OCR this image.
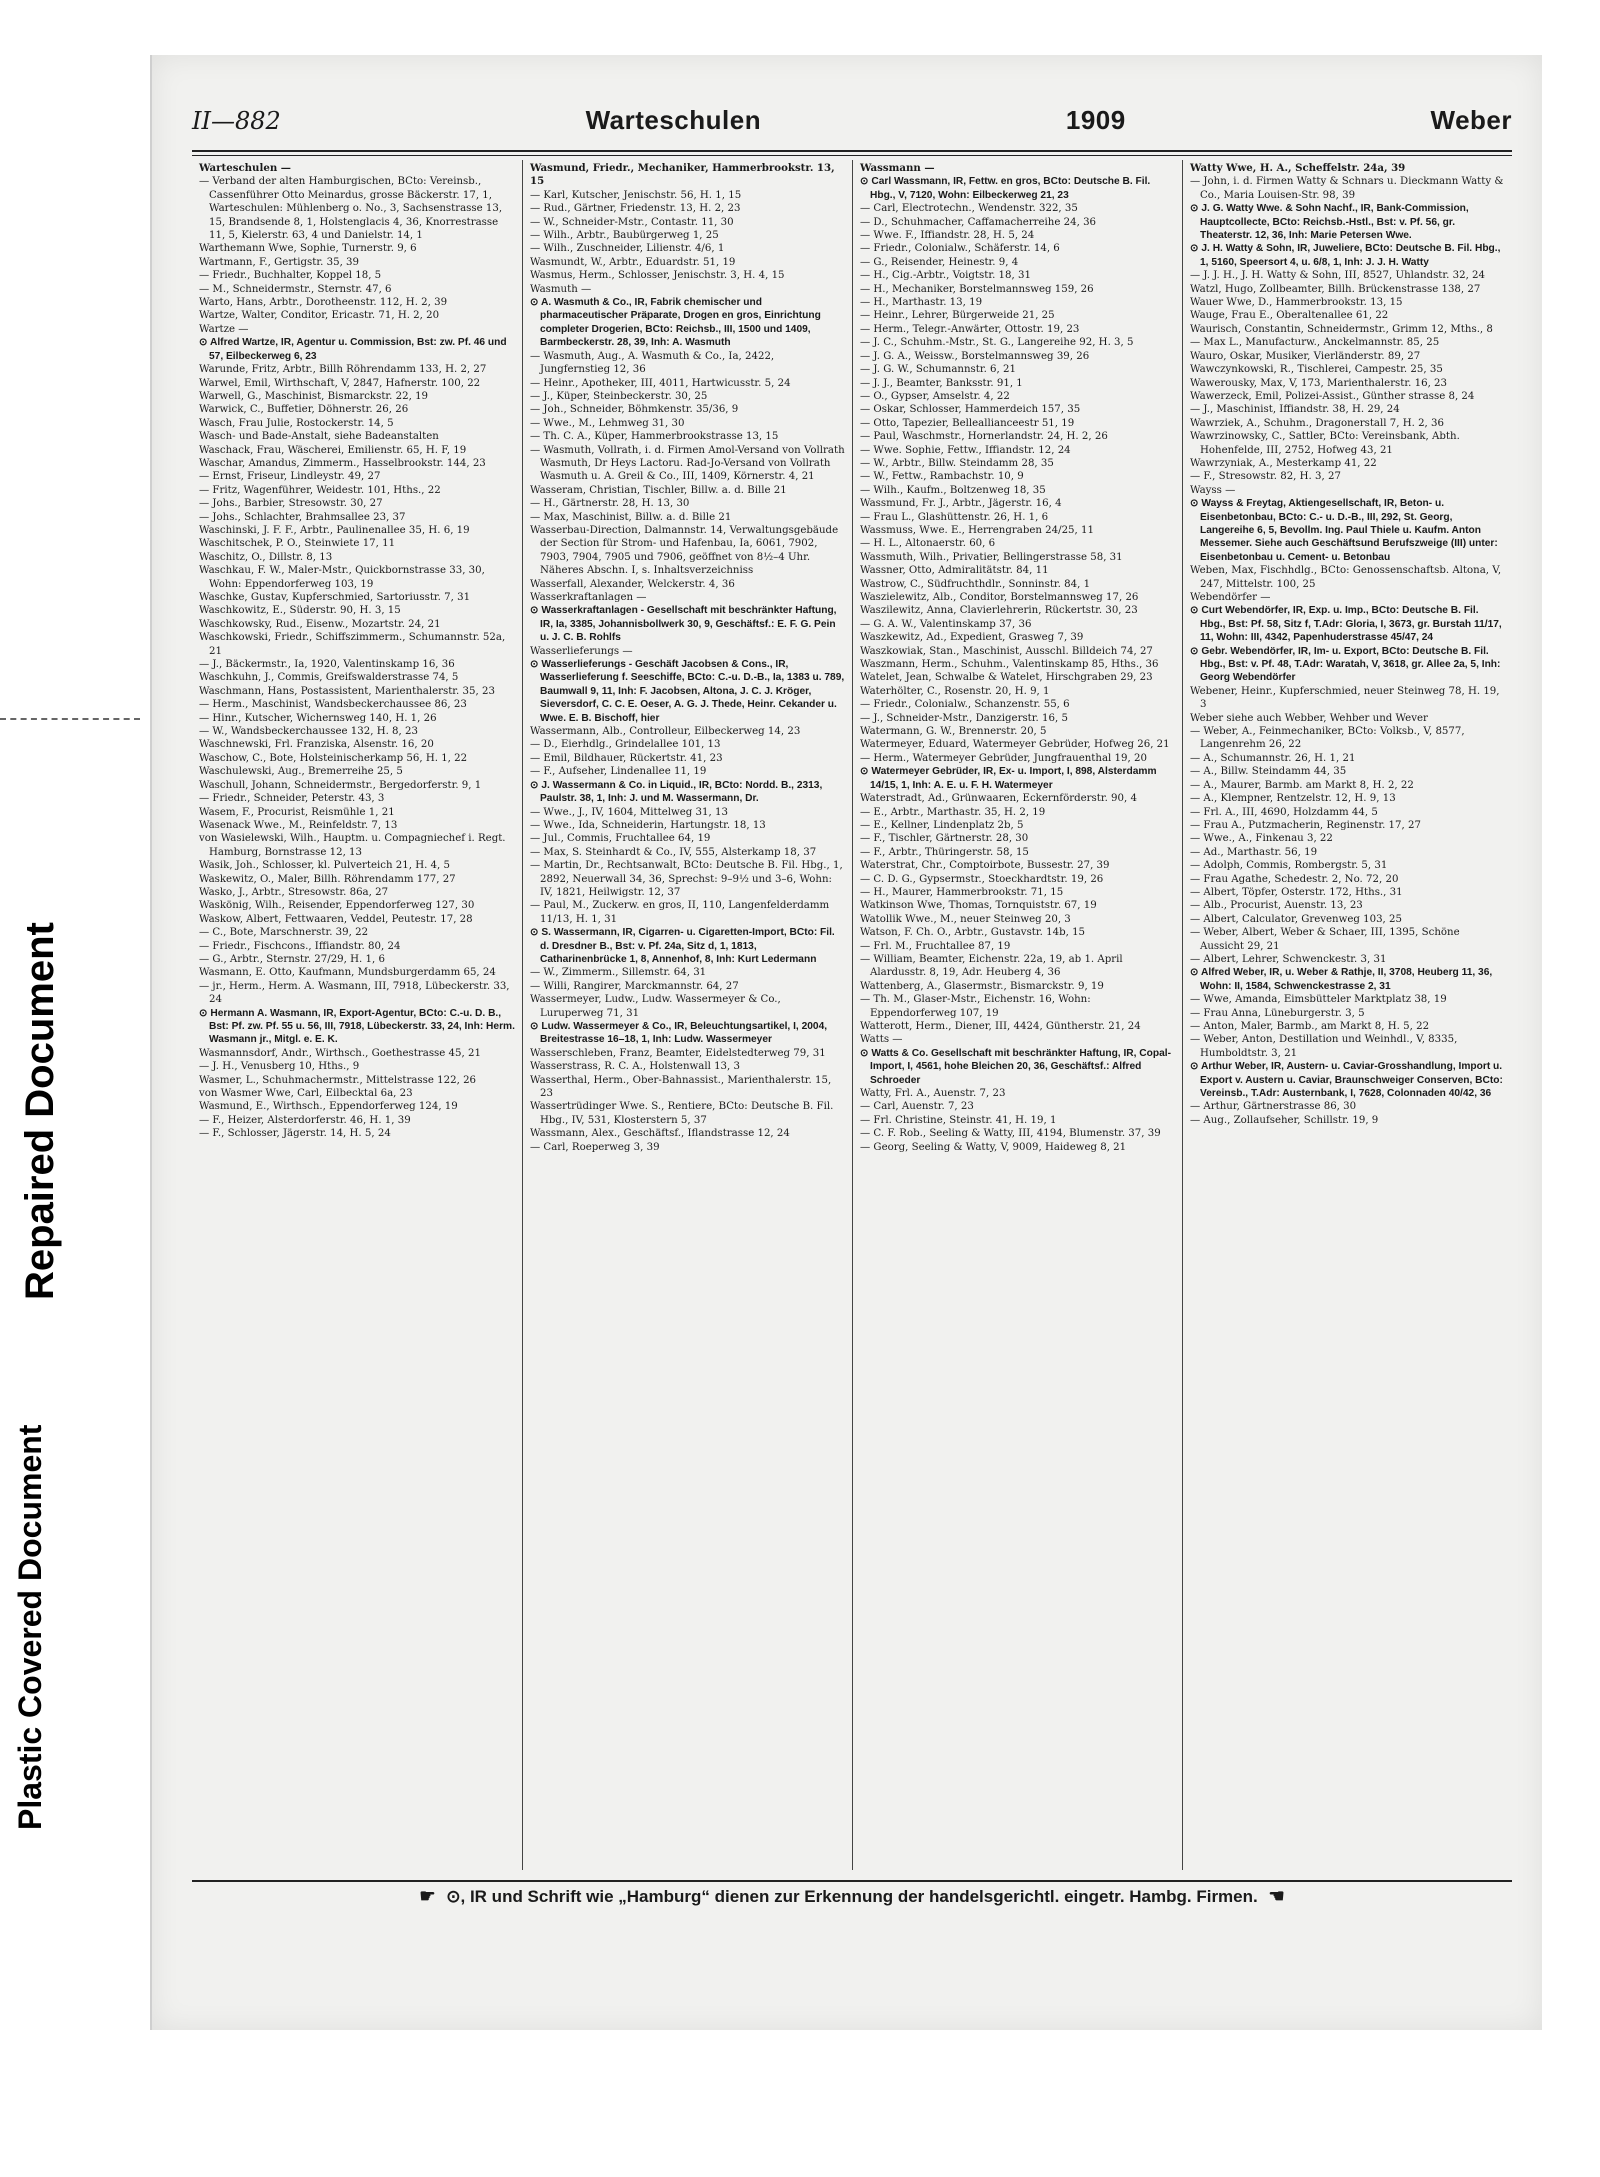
Repaired Document
Plastic Covered Document
II—882	Warteschulen	1909	Weber
Warteschulen —

— Verband der alten Hamburgischen, BCto: Vereinsb., Cassenführer Otto Meinardus, grosse Bäckerstr. 17, 1, Warteschulen: Mühlenberg o. No., 3, Sachsenstrasse 13, 15, Brandsende 8, 1, Holstenglacis 4, 36, Knorrestrasse 11, 5, Kielerstr. 63, 4 und Danielstr. 14, 1

Warthemann Wwe, Sophie, Turnerstr. 9, 6

Wartmann, F., Gertigstr. 35, 39

— Friedr., Buchhalter, Koppel 18, 5

— M., Schneidermstr., Sternstr. 47, 6

Warto, Hans, Arbtr., Dorotheenstr. 112, H. 2, 39

Wartze, Walter, Conditor, Ericastr. 71, H. 2, 20

Wartze —

⊙ Alfred Wartze, IR, Agentur u. Commission, Bst: zw. Pf. 46 und 57, Eilbeckerweg 6, 23

Warunde, Fritz, Arbtr., Billh Röhrendamm 133, H. 2, 27

Warwel, Emil, Wirthschaft, V, 2847, Hafnerstr. 100, 22

Warwell, G., Maschinist, Bismarckstr. 22, 19

Warwick, C., Buffetier, Döhnerstr. 26, 26

Wasch, Frau Julie, Rostockerstr. 14, 5

Wasch- und Bade-Anstalt, siehe Badeanstalten

Waschack, Frau, Wäscherei, Emilienstr. 65, H. F, 19

Waschar, Amandus, Zimmerm., Hasselbrookstr. 144, 23

— Ernst, Friseur, Lindleystr. 49, 27

— Fritz, Wagenführer, Weidestr. 101, Hths., 22

— Johs., Barbier, Stresowstr. 30, 27

— Johs., Schlachter, Brahmsallee 23, 37

Waschinski, J. F. F., Arbtr., Paulinenallee 35, H. 6, 19

Waschitschek, P. O., Steinwiete 17, 11

Waschitz, O., Dillstr. 8, 13

Waschkau, F. W., Maler-Mstr., Quickbornstrasse 33, 30, Wohn: Eppendorferweg 103, 19

Waschke, Gustav, Kupferschmied, Sartoriusstr. 7, 31

Waschkowitz, E., Süderstr. 90, H. 3, 15

Waschkowsky, Rud., Eisenw., Mozartstr. 24, 21

Waschkowski, Friedr., Schiffszimmerm., Schumannstr. 52a, 21

— J., Bäckermstr., Ia, 1920, Valentinskamp 16, 36

Waschkuhn, J., Commis, Greifswalderstrasse 74, 5

Waschmann, Hans, Postassistent, Marienthalerstr. 35, 23

— Herm., Maschinist, Wandsbeckerchaussee 86, 23

— Hinr., Kutscher, Wichernsweg 140, H. 1, 26

— W., Wandsbeckerchaussee 132, H. 8, 23

Waschnewski, Frl. Franziska, Alsenstr. 16, 20

Waschow, C., Bote, Holsteinischerkamp 56, H. 1, 22

Waschulewski, Aug., Bremerreihe 25, 5

Waschull, Johann, Schneidermstr., Bergedorferstr. 9, 1

— Friedr., Schneider, Peterstr. 43, 3

Wasem, F., Procurist, Reismühle 1, 21

Wasenack Wwe., M., Reinfeldstr. 7, 13

von Wasielewski, Wilh., Hauptm. u. Compagniechef i. Regt. Hamburg, Bornstrasse 12, 13

Wasik, Joh., Schlosser, kl. Pulverteich 21, H. 4, 5

Waskewitz, O., Maler, Billh. Röhrendamm 177, 27

Wasko, J., Arbtr., Stresowstr. 86a, 27

Waskönig, Wilh., Reisender, Eppendorferweg 127, 30

Waskow, Albert, Fettwaaren, Veddel, Peutestr. 17, 28

— C., Bote, Marschnerstr. 39, 22

— Friedr., Fischcons., Iffiandstr. 80, 24

— G., Arbtr., Sternstr. 27/29, H. 1, 6

Wasmann, E. Otto, Kaufmann, Mundsburgerdamm 65, 24

— jr., Herm., Herm. A. Wasmann, III, 7918, Lübeckerstr. 33, 24

⊙ Hermann A. Wasmann, IR, Export-Agentur, BCto: C.-u. D. B., Bst: Pf. zw. Pf. 55 u. 56, III, 7918, Lübeckerstr. 33, 24, Inh: Herm. Wasmann jr., Mitgl. e. E. K.

Wasmannsdorf, Andr., Wirthsch., Goethestrasse 45, 21

— J. H., Venusberg 10, Hths., 9

Wasmer, L., Schuhmachermstr., Mittelstrasse 122, 26

von Wasmer Wwe, Carl, Eilbecktal 6a, 23

Wasmund, E., Wirthsch., Eppendorferweg 124, 19

— F., Heizer, Alsterdorferstr. 46, H. 1, 39

— F., Schlosser, Jägerstr. 14, H. 5, 24

Wasmund, Friedr., Mechaniker, Hammerbrookstr. 13, 15

— Karl, Kutscher, Jenischstr. 56, H. 1, 15

— Rud., Gärtner, Friedenstr. 13, H. 2, 23

— W., Schneider-Mstr., Contastr. 11, 30

— Wilh., Arbtr., Baubürgerweg 1, 25

— Wilh., Zuschneider, Lilienstr. 4/6, 1

Wasmundt, W., Arbtr., Eduardstr. 51, 19

Wasmus, Herm., Schlosser, Jenischstr. 3, H. 4, 15

Wasmuth —

⊙ A. Wasmuth & Co., IR, Fabrik chemischer und pharmaceutischer Präparate, Drogen en gros, Einrichtung completer Drogerien, BCto: Reichsb., III, 1500 und 1409, Barmbeckerstr. 28, 39, Inh: A. Wasmuth

— Wasmuth, Aug., A. Wasmuth & Co., Ia, 2422, Jungfernstieg 12, 36

— Heinr., Apotheker, III, 4011, Hartwicusstr. 5, 24

— J., Küper, Steinbeckerstr. 30, 25

— Joh., Schneider, Böhmkenstr. 35/36, 9

— Wwe., M., Lehmweg 31, 30

— Th. C. A., Küper, Hammerbrookstrasse 13, 15

— Wasmuth, Vollrath, i. d. Firmen Amol-Versand von Vollrath Wasmuth, Dr Heys Lactoru. Rad-Jo-Versand von Vollrath Wasmuth u. A. Greil & Co., III, 1409, Körnerstr. 4, 21

Wasseram, Christian, Tischler, Billw. a. d. Bille 21

— H., Gärtnerstr. 28, H. 13, 30

— Max, Maschinist, Billw. a. d. Bille 21

Wasserbau-Direction, Dalmannstr. 14, Verwaltungsgebäude der Section für Strom- und Hafenbau, Ia, 6061, 7902, 7903, 7904, 7905 und 7906, geöffnet von 8½–4 Uhr. Näheres Abschn. I, s. Inhaltsverzeichniss

Wasserfall, Alexander, Welckerstr. 4, 36

Wasserkraftanlagen —

⊙ Wasserkraftanlagen - Gesellschaft mit beschränkter Haftung, IR, Ia, 3385, Johannisbollwerk 30, 9, Geschäftsf.: E. F. G. Pein u. J. C. B. Rohlfs

Wasserlieferungs —

⊙ Wasserlieferungs - Geschäft Jacobsen & Cons., IR, Wasserlieferung f. Seeschiffe, BCto: C.-u. D.-B., Ia, 1383 u. 789, Baumwall 9, 11, Inh: F. Jacobsen, Altona, J. C. J. Kröger, Sieversdorf, C. C. E. Oeser, A. G. J. Thede, Heinr. Cekander u. Wwe. E. B. Bischoff, hier

Wassermann, Alb., Controlleur, Eilbeckerweg 14, 23

— D., Eierhdlg., Grindelallee 101, 13

— Emil, Bildhauer, Rückertstr. 41, 23

— F., Aufseher, Lindenallee 11, 19

⊙ J. Wassermann & Co. in Liquid., IR, BCto: Nordd. B., 2313, Paulstr. 38, 1, Inh: J. und M. Wassermann, Dr.

— Wwe., J., IV, 1604, Mittelweg 31, 13

— Wwe., Ida, Schneiderin, Hartungstr. 18, 13

— Jul., Commis, Fruchtallee 64, 19

— Max, S. Steinhardt & Co., IV, 555, Alsterkamp 18, 37

— Martin, Dr., Rechtsanwalt, BCto: Deutsche B. Fil. Hbg., 1, 2892, Neuerwall 34, 36, Sprechst: 9–9½ und 3–6, Wohn: IV, 1821, Heilwigstr. 12, 37

— Paul, M., Zuckerw. en gros, II, 110, Langenfelderdamm 11/13, H. 1, 31

⊙ S. Wassermann, IR, Cigarren- u. Cigaretten-Import, BCto: Fil. d. Dresdner B., Bst: v. Pf. 24a, Sitz d, 1, 1813, Catharinenbrücke 1, 8, Annenhof, 8, Inh: Kurt Ledermann

— W., Zimmerm., Sillemstr. 64, 31

— Willi, Rangirer, Marckmannstr. 64, 27

Wassermeyer, Ludw., Ludw. Wassermeyer & Co., Luruperweg 71, 31

⊙ Ludw. Wassermeyer & Co., IR, Beleuchtungsartikel, I, 2004, Breitestrasse 16–18, 1, Inh: Ludw. Wassermeyer

Wasserschleben, Franz, Beamter, Eidelstedterweg 79, 31

Wasserstrass, R. C. A., Holstenwall 13, 3

Wasserthal, Herm., Ober-Bahnassist., Marienthalerstr. 15, 23

Wassertrüdinger Wwe. S., Rentiere, BCto: Deutsche B. Fil. Hbg., IV, 531, Klosterstern 5, 37

Wassmann, Alex., Geschäftsf., Iflandstrasse 12, 24

— Carl, Roeperweg 3, 39

Wassmann —

⊙ Carl Wassmann, IR, Fettw. en gros, BCto: Deutsche B. Fil. Hbg., V, 7120, Wohn: Eilbeckerweg 21, 23

— Carl, Electrotechn., Wendenstr. 322, 35

— D., Schuhmacher, Caffamacherreihe 24, 36

— Wwe. F., Iffiandstr. 28, H. 5, 24

— Friedr., Colonialw., Schäferstr. 14, 6

— G., Reisender, Heinestr. 9, 4

— H., Cig.-Arbtr., Voigtstr. 18, 31

— H., Mechaniker, Borstelmannsweg 159, 26

— H., Marthastr. 13, 19

— Heinr., Lehrer, Bürgerweide 21, 25

— Herm., Telegr.-Anwärter, Ottostr. 19, 23

— J. C., Schuhm.-Mstr., St. G., Langereihe 92, H. 3, 5

— J. G. A., Weissw., Borstelmannsweg 39, 26

— J. G. W., Schumannstr. 6, 21

— J. J., Beamter, Banksstr. 91, 1

— O., Gypser, Amselstr. 4, 22

— Oskar, Schlosser, Hammerdeich 157, 35

— Otto, Tapezier, Belleallianceestr 51, 19

— Paul, Waschmstr., Hornerlandstr. 24, H. 2, 26

— Wwe. Sophie, Fettw., Iffiandstr. 12, 24

— W., Arbtr., Billw. Steindamm 28, 35

— W., Fettw., Rambachstr. 10, 9

— Wilh., Kaufm., Boltzenweg 18, 35

Wassmund, Fr. J., Arbtr., Jägerstr. 16, 4

— Frau L., Glashüttenstr. 26, H. 1, 6

Wassmuss, Wwe. E., Herrengraben 24/25, 11

— H. L., Altonaerstr. 60, 6

Wassmuth, Wilh., Privatier, Bellingerstrasse 58, 31

Wassner, Otto, Admiralitätstr. 84, 11

Wastrow, C., Südfruchthdlr., Sonninstr. 84, 1

Waszielewitz, Alb., Conditor, Borstelmannsweg 17, 26

Waszilewitz, Anna, Clavierlehrerin, Rückertstr. 30, 23

— G. A. W., Valentinskamp 37, 36

Waszkewitz, Ad., Expedient, Grasweg 7, 39

Waszkowiak, Stan., Maschinist, Ausschl. Billdeich 74, 27

Waszmann, Herm., Schuhm., Valentinskamp 85, Hths., 36

Watelet, Jean, Schwalbe & Watelet, Hirschgraben 29, 23

Waterhölter, C., Rosenstr. 20, H. 9, 1

— Friedr., Colonialw., Schanzenstr. 55, 6

— J., Schneider-Mstr., Danzigerstr. 16, 5

Watermann, G. W., Brennerstr. 20, 5

Watermeyer, Eduard, Watermeyer Gebrüder, Hofweg 26, 21

— Herm., Watermeyer Gebrüder, Jungfrauenthal 19, 20

⊙ Watermeyer Gebrüder, IR, Ex- u. Import, I, 898, Alsterdamm 14/15, 1, Inh: A. E. u. F. H. Watermeyer

Waterstradt, Ad., Grünwaaren, Eckernförderstr. 90, 4

— E., Arbtr., Marthastr. 35, H. 2, 19

— E., Kellner, Lindenplatz 2b, 5

— F., Tischler, Gärtnerstr. 28, 30

— F., Arbtr., Thüringerstr. 58, 15

Waterstrat, Chr., Comptoirbote, Bussestr. 27, 39

— C. D. G., Gypsermstr., Stoeckhardtstr. 19, 26

— H., Maurer, Hammerbrookstr. 71, 15

Watkinson Wwe, Thomas, Tornquiststr. 67, 19

Watollik Wwe., M., neuer Steinweg 20, 3

Watson, F. Ch. O., Arbtr., Gustavstr. 14b, 15

— Frl. M., Fruchtallee 87, 19

— William, Beamter, Eichenstr. 22a, 19, ab 1. April Alardusstr. 8, 19, Adr. Heuberg 4, 36

Wattenberg, A., Glasermstr., Bismarckstr. 9, 19

— Th. M., Glaser-Mstr., Eichenstr. 16, Wohn: Eppendorferweg 107, 19

Watterott, Herm., Diener, III, 4424, Güntherstr. 21, 24

Watts —

⊙ Watts & Co. Gesellschaft mit beschränkter Haftung, IR, Copal-Import, I, 4561, hohe Bleichen 20, 36, Geschäftsf.: Alfred Schroeder

Watty, Frl. A., Auenstr. 7, 23

— Carl, Auenstr. 7, 23

— Frl. Christine, Steinstr. 41, H. 19, 1

— C. F. Rob., Seeling & Watty, III, 4194, Blumenstr. 37, 39

— Georg, Seeling & Watty, V, 9009, Haideweg 8, 21

Watty Wwe, H. A., Scheffelstr. 24a, 39

— John, i. d. Firmen Watty & Schnars u. Dieckmann Watty & Co., Maria Louisen-Str. 98, 39

⊙ J. G. Watty Wwe. & Sohn Nachf., IR, Bank-Commission, Hauptcollecte, BCto: Reichsb.-Hstl., Bst: v. Pf. 56, gr. Theaterstr. 12, 36, Inh: Marie Petersen Wwe.

⊙ J. H. Watty & Sohn, IR, Juweliere, BCto: Deutsche B. Fil. Hbg., 1, 5160, Speersort 4, u. 6/8, 1, Inh: J. J. H. Watty

— J. J. H., J. H. Watty & Sohn, III, 8527, Uhlandstr. 32, 24

Watzl, Hugo, Zollbeamter, Billh. Brückenstrasse 138, 27

Wauer Wwe, D., Hammerbrookstr. 13, 15

Wauge, Frau E., Oberaltenallee 61, 22

Waurisch, Constantin, Schneidermstr., Grimm 12, Mths., 8

— Max L., Manufacturw., Anckelmannstr. 85, 25

Wauro, Oskar, Musiker, Vierländerstr. 89, 27

Wawczynkowski, R., Tischlerei, Campestr. 25, 35

Wawerousky, Max, V, 173, Marienthalerstr. 16, 23

Wawerzeck, Emil, Polizei-Assist., Günther strasse 8, 24

— J., Maschinist, Iffiandstr. 38, H. 29, 24

Wawrziek, A., Schuhm., Dragonerstall 7, H. 2, 36

Wawrzinowsky, C., Sattler, BCto: Vereinsbank, Abth. Hohenfelde, III, 2752, Hofweg 43, 21

Wawrzyniak, A., Mesterkamp 41, 22

— F., Stresowstr. 82, H. 3, 27

Wayss —

⊙ Wayss & Freytag, Aktiengesellschaft, IR, Beton- u. Eisenbetonbau, BCto: C.- u. D.-B., III, 292, St. Georg, Langereihe 6, 5, Bevollm. Ing. Paul Thiele u. Kaufm. Anton Messemer. Siehe auch Geschäftsund Berufszweige (III) unter: Eisenbetonbau u. Cement- u. Betonbau

Weben, Max, Fischhdlg., BCto: Genossenschaftsb. Altona, V, 247, Mittelstr. 100, 25

Webendörfer —

⊙ Curt Webendörfer, IR, Exp. u. Imp., BCto: Deutsche B. Fil. Hbg., Bst: Pf. 58, Sitz f, T.Adr: Gloria, I, 3673, gr. Burstah 11/17, 11, Wohn: III, 4342, Papenhuderstrasse 45/47, 24

⊙ Gebr. Webendörfer, IR, Im- u. Export, BCto: Deutsche B. Fil. Hbg., Bst: v. Pf. 48, T.Adr: Waratah, V, 3618, gr. Allee 2a, 5, Inh: Georg Webendörfer

Webener, Heinr., Kupferschmied, neuer Steinweg 78, H. 19, 3

Weber siehe auch Webber, Wehber und Wever

— Weber, A., Feinmechaniker, BCto: Volksb., V, 8577, Langenrehm 26, 22

— A., Schumannstr. 26, H. 1, 21

— A., Billw. Steindamm 44, 35

— A., Maurer, Barmb. am Markt 8, H. 2, 22

— A., Klempner, Rentzelstr. 12, H. 9, 13

— Frl. A., III, 4690, Holzdamm 44, 5

— Frau A., Putzmacherin, Reginenstr. 17, 27

— Wwe., A., Finkenau 3, 22

— Ad., Marthastr. 56, 19

— Adolph, Commis, Rombergstr. 5, 31

— Frau Agathe, Schedestr. 2, No. 72, 20

— Albert, Töpfer, Osterstr. 172, Hths., 31

— Alb., Procurist, Auenstr. 13, 23

— Albert, Calculator, Grevenweg 103, 25

— Weber, Albert, Weber & Schaer, III, 1395, Schöne Aussicht 29, 21

— Albert, Lehrer, Schwenckestr. 3, 31

⊙ Alfred Weber, IR, u. Weber & Rathje, II, 3708, Heuberg 11, 36, Wohn: II, 1584, Schwenckestrasse 2, 31

— Wwe, Amanda, Eimsbütteler Marktplatz 38, 19

— Frau Anna, Lüneburgerstr. 3, 5

— Anton, Maler, Barmb., am Markt 8, H. 5, 22

— Weber, Anton, Destillation und Weinhdl., V, 8335, Humboldtstr. 3, 21

⊙ Arthur Weber, IR, Austern- u. Caviar-Grosshandlung, Import u. Export v. Austern u. Caviar, Braunschweiger Conserven, BCto: Vereinsb., T.Adr: Austernbank, I, 7628, Colonnaden 40/42, 36

— Arthur, Gärtnerstrasse 86, 30

— Aug., Zollaufseher, Schillstr. 19, 9

☛ ⊙, IR und Schrift wie „Hamburg“ dienen zur Erkennung der handelsgerichtl. eingetr. Hambg. Firmen. ☚
